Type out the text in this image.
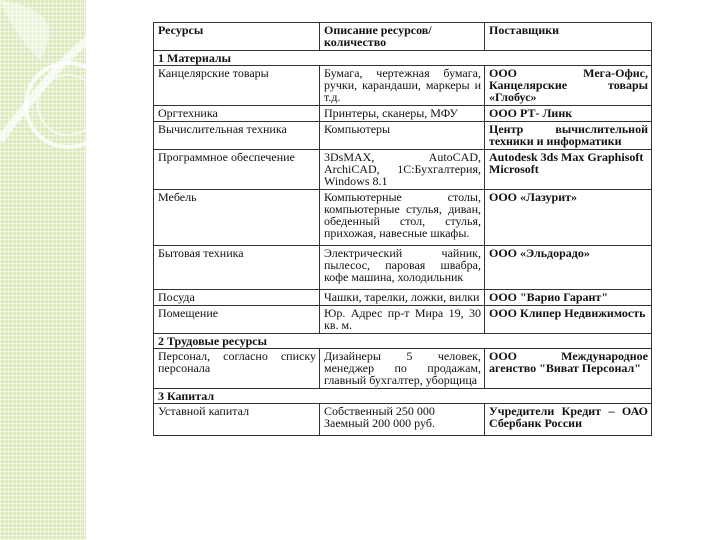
Ресурсы	Описание ресурсов/количество	Поставщики
1 Материалы		
Канцелярские товары	Бумага, чертежная бумага, ручки, карандаши, маркеры и т.д.	ООО Мега-Офис, Канцелярские товары «Глобус»
Оргтехника	Принтеры, сканеры, МФУ	ООО РТ- Линк
Вычислительная техника	Компьютеры	Центр вычислительной техники и информатики
Программное обеспечение	3DsMAX, AutoCAD, ArchiCAD, 1С:Бухгалтерия, Windows 8.1	Autodesk 3ds Max Graphisoft Microsoft
Мебель	Компьютерные столы, компьютерные стулья, диван, обеденный стол, стулья, прихожая, навесные шкафы.	ООО «Лазурит»
Бытовая техника	Электрический чайник, пылесос, паровая швабра, кофе машина, холодильник	ООО «Эльдорадо»
Посуда	Чашки, тарелки, ложки, вилки	ООО "Варио Гарант"
Помещение	Юр. Адрес пр-т Мира 19, 30 кв. м.	ООО Клипер Недвижимость
2 Трудовые ресурсы		
Персонал, согласно списку персонала	Дизайнеры 5 человек, менеджер по продажам, главный бухгалтер, уборщица	ООО Международное агенство "Виват Персонал"
3 Капитал		
Уставной капитал	Собственный 250 000 Заемный 200 000 руб.	Учредители Кредит – ОАО Сбербанк России
